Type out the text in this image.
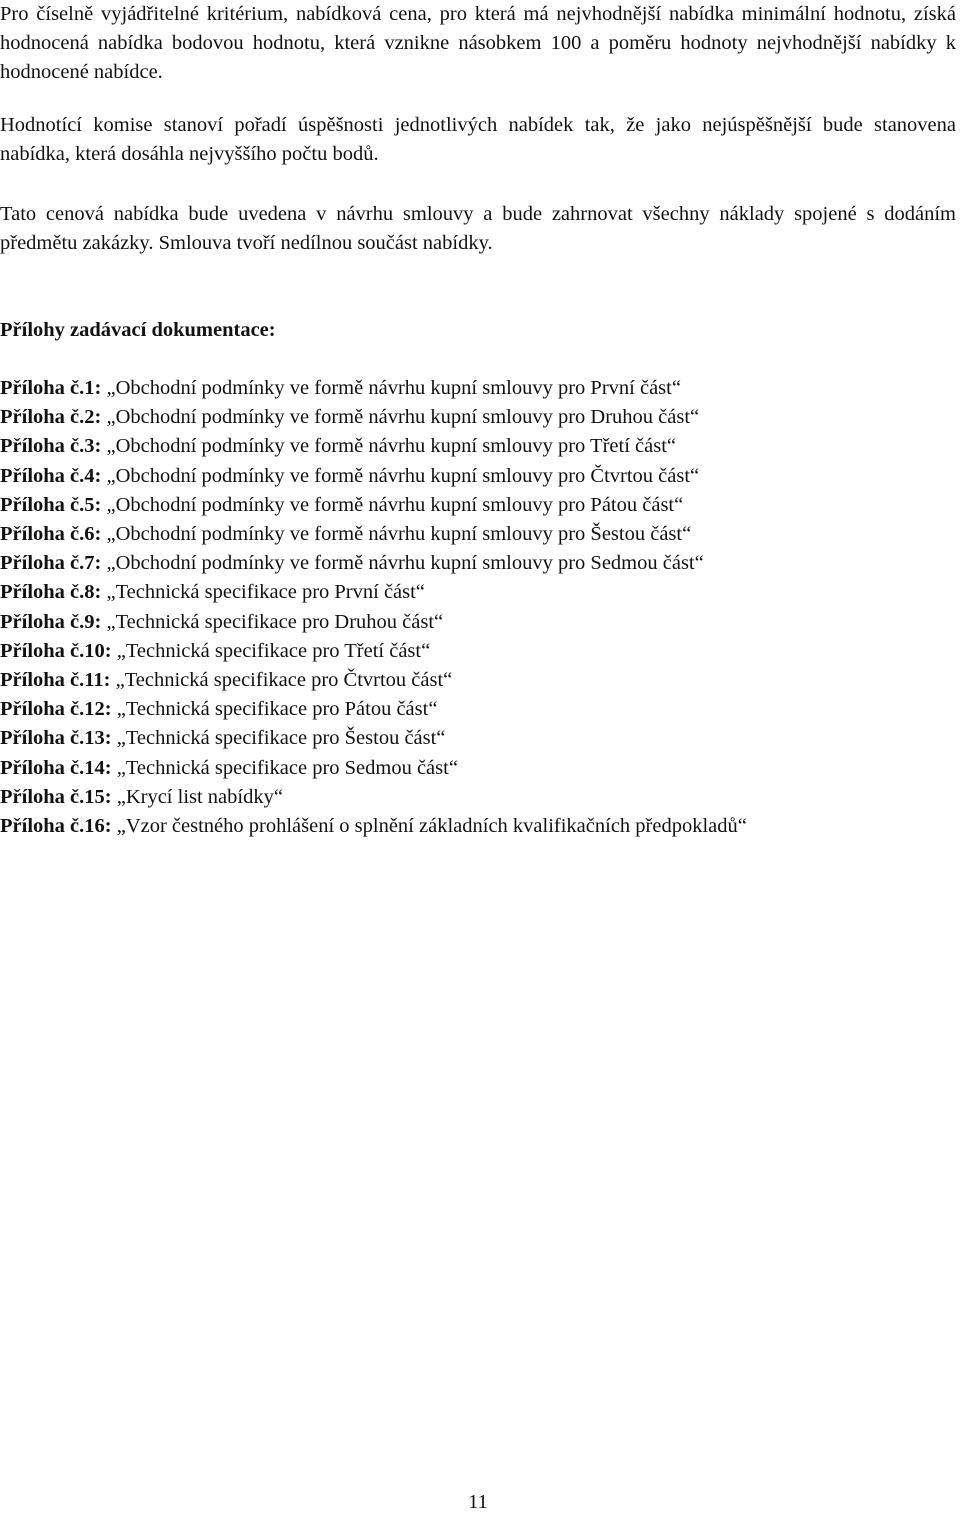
Pro číselně vyjádřitelné kritérium, nabídková cena, pro která má nejvhodnější nabídka minimální hodnotu, získá hodnocená nabídka bodovou hodnotu, která vznikne násobkem 100 a poměru hodnoty nejvhodnější nabídky k hodnocené nabídce.

Hodnotící komise stanoví pořadí úspěšnosti jednotlivých nabídek tak, že jako nejúspěšnější bude stanovena nabídka, která dosáhla nejvyššího počtu bodů.

Tato cenová nabídka bude uvedena v návrhu smlouvy a bude zahrnovat všechny náklady spojené s dodáním předmětu zakázky. Smlouva tvoří nedílnou součást nabídky.

Přílohy zadávací dokumentace:
Příloha č.1: „Obchodní podmínky ve formě návrhu kupní smlouvy pro První část“
Příloha č.2: „Obchodní podmínky ve formě návrhu kupní smlouvy pro Druhou část“
Příloha č.3: „Obchodní podmínky ve formě návrhu kupní smlouvy pro Třetí část“
Příloha č.4: „Obchodní podmínky ve formě návrhu kupní smlouvy pro Čtvrtou část“
Příloha č.5: „Obchodní podmínky ve formě návrhu kupní smlouvy pro Pátou část“
Příloha č.6: „Obchodní podmínky ve formě návrhu kupní smlouvy pro Šestou část“
Příloha č.7: „Obchodní podmínky ve formě návrhu kupní smlouvy pro Sedmou část“
Příloha č.8: „Technická specifikace pro První část“
Příloha č.9: „Technická specifikace pro Druhou část“
Příloha č.10: „Technická specifikace pro Třetí část“
Příloha č.11: „Technická specifikace pro Čtvrtou část“
Příloha č.12: „Technická specifikace pro Pátou část“
Příloha č.13: „Technická specifikace pro Šestou část“
Příloha č.14: „Technická specifikace pro Sedmou část“
Příloha č.15: „Krycí list nabídky“
Příloha č.16: „Vzor čestného prohlášení o splnění základních kvalifikačních předpokladů“
11
